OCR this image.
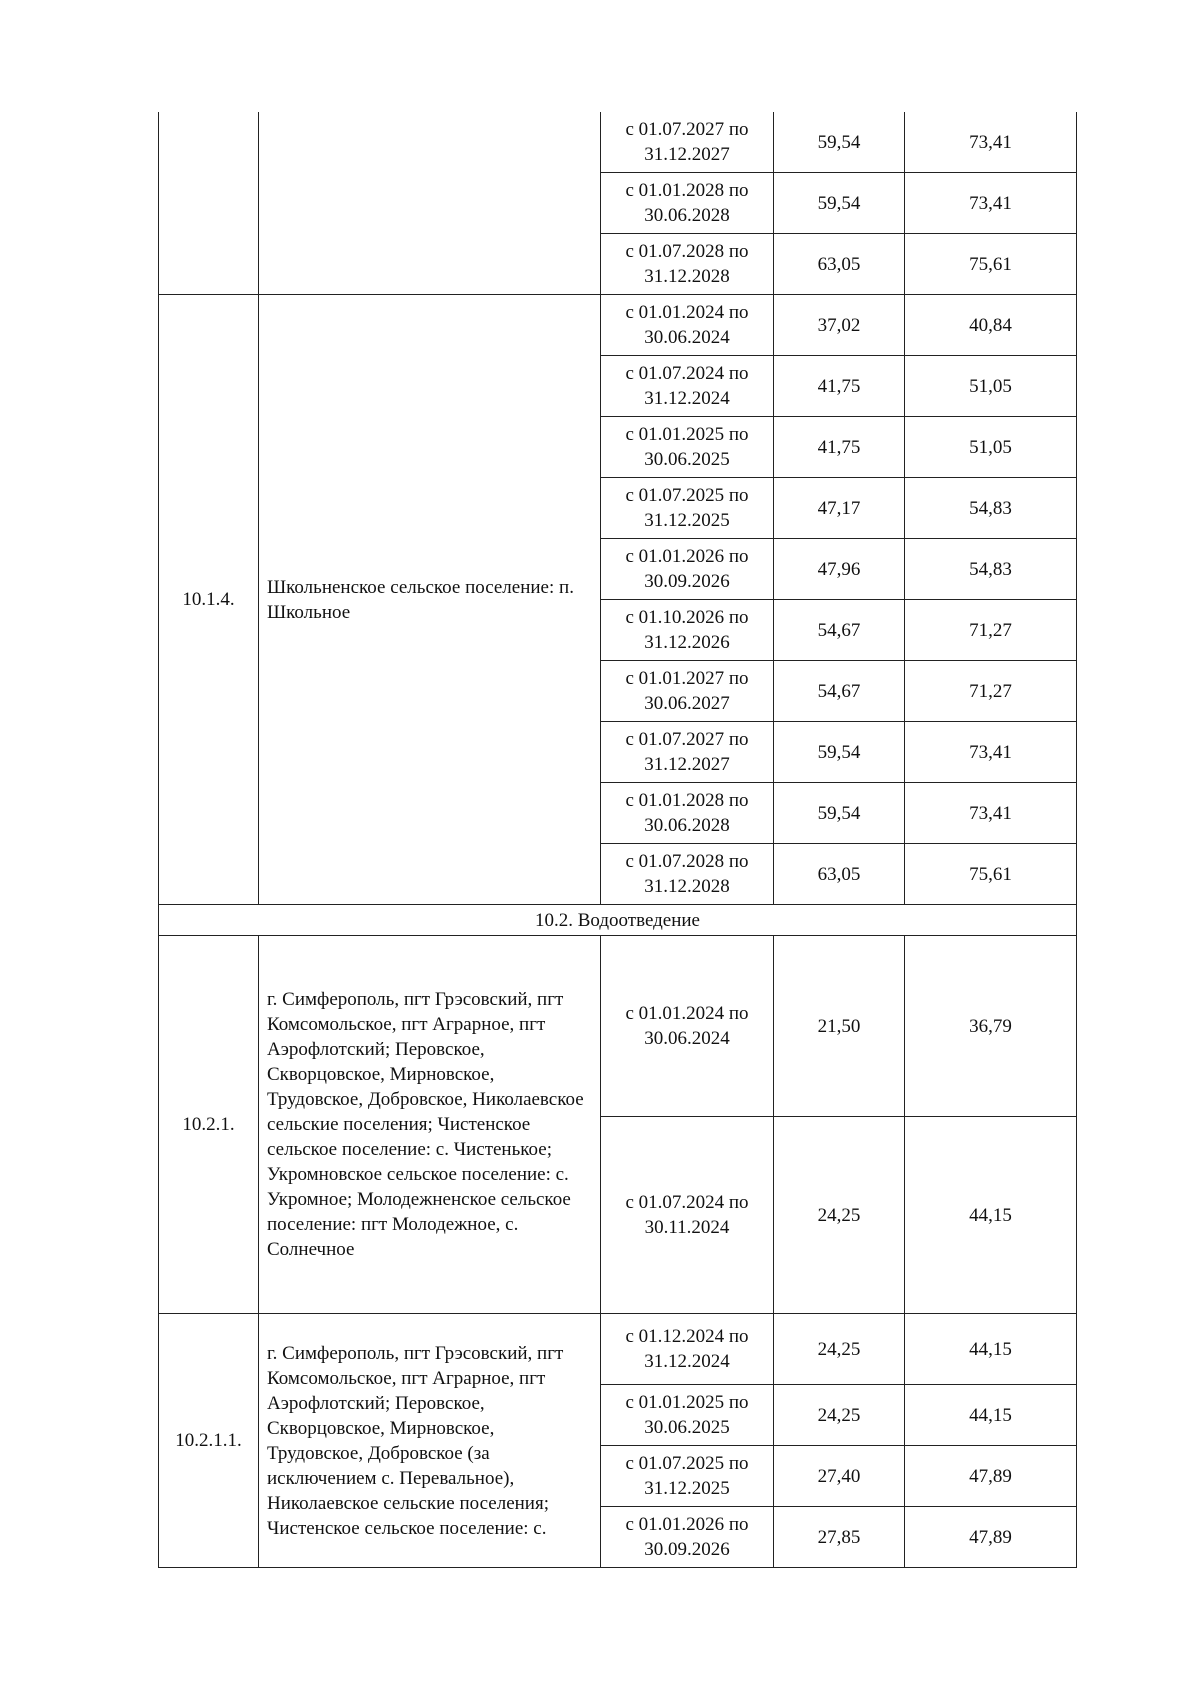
		с 01.07.2027 по 31.12.2027	59,54	73,41
		с 01.01.2028 по 30.06.2028	59,54	73,41
		с 01.07.2028 по 31.12.2028	63,05	75,61
10.1.4.	Школьненское сельское поселение: п. Школьное	с 01.01.2024 по 30.06.2024	37,02	40,84
		с 01.07.2024 по 31.12.2024	41,75	51,05
		с 01.01.2025 по 30.06.2025	41,75	51,05
		с 01.07.2025 по 31.12.2025	47,17	54,83
		с 01.01.2026 по 30.09.2026	47,96	54,83
		с 01.10.2026 по 31.12.2026	54,67	71,27
		с 01.01.2027 по 30.06.2027	54,67	71,27
		с 01.07.2027 по 31.12.2027	59,54	73,41
		с 01.01.2028 по 30.06.2028	59,54	73,41
		с 01.07.2028 по 31.12.2028	63,05	75,61
10.2. Водоотведение				
10.2.1.	г. Симферополь, пгт Грэсовский, пгт Комсомольское, пгт Аграрное, пгт Аэрофлотский; Перовское, Скворцовское, Мирновское, Трудовское, Добровское, Николаевское сельские поселения; Чистенское сельское поселение: с. Чистенькое; Укромновское сельское поселение: с. Укромное; Молодежненское сельское поселение: пгт Молодежное, с. Солнечное	с 01.01.2024 по 30.06.2024	21,50	36,79
		с 01.07.2024 по 30.11.2024	24,25	44,15
10.2.1.1.	г. Симферополь, пгт Грэсовский, пгт Комсомольское, пгт Аграрное, пгт Аэрофлотский; Перовское, Скворцовское, Мирновское, Трудовское, Добровское (за исключением с. Перевальное), Николаевское сельские поселения; Чистенское сельское поселение: с.	с 01.12.2024 по 31.12.2024	24,25	44,15
		с 01.01.2025 по 30.06.2025	24,25	44,15
		с 01.07.2025 по 31.12.2025	27,40	47,89
		с 01.01.2026 по 30.09.2026	27,85	47,89
